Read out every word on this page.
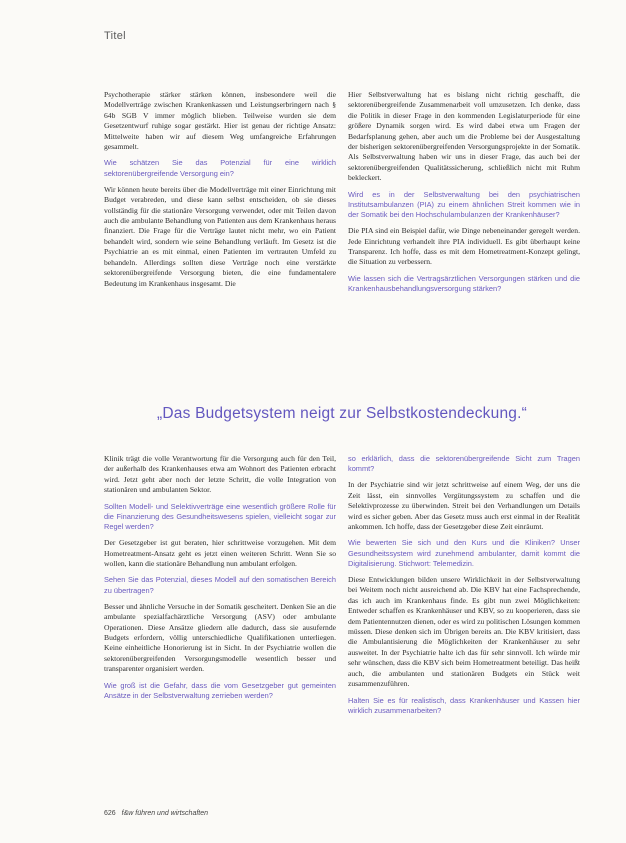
Titel

Psychotherapie stärker stärken können, insbesondere weil die Modellverträge zwischen Krankenkassen und Leistungserbringern nach § 64b SGB V immer möglich blieben. Teilweise wurden sie dem Gesetzentwurf ruhige sogar gestärkt. Hier ist genau der richtige Ansatz: Mittelweite haben wir auf diesem Weg umfangreiche Erfahrungen gesammelt.

Wie schätzen Sie das Potenzial für eine wirklich sektorenübergreifende Versorgung ein?

Wir können heute bereits über die Modellverträge mit einer Einrichtung mit Budget verabreden, und diese kann selbst entscheiden, ob sie dieses vollständig für die stationäre Versorgung verwendet, oder mit Teilen davon auch die ambulante Behandlung von Patienten aus dem Krankenhaus heraus finanziert. Die Frage für die Verträge lautet nicht mehr, wo ein Patient behandelt wird, sondern wie seine Behandlung verläuft. Im Gesetz ist die Psychiatrie an es mit einmal, einen Patienten im vertrauten Umfeld zu behandeln. Allerdings sollten diese Verträge noch eine verstärkte sektorenübergreifende Versorgung bieten, die eine fundamentalere Bedeutung im Krankenhaus insgesamt. Die

Hier Selbstverwaltung hat es bislang nicht richtig geschafft, die sektorenübergreifende Zusammenarbeit voll umzusetzen. Ich denke, dass die Politik in dieser Frage in den kommenden Legislaturperiode für eine größere Dynamik sorgen wird. Es wird dabei etwa um Fragen der Bedarfsplanung gehen, aber auch um die Probleme bei der Ausgestaltung der bisherigen sektorenübergreifenden Versorgungsprojekte in der Somatik. Als Selbstverwaltung haben wir uns in dieser Frage, das auch bei der sektorenübergreifenden Qualitätssicherung, schließlich nicht mit Ruhm bekleckert.

Wird es in der Selbstverwaltung bei den psychiatrischen Institutsambulanzen (PIA) zu einem ähnlichen Streit kommen wie in der Somatik bei den Hochschulambulanzen der Krankenhäuser?

Die PIA sind ein Beispiel dafür, wie Dinge nebeneinander geregelt werden. Jede Einrichtung verhandelt ihre PIA individuell. Es gibt überhaupt keine Transparenz. Ich hoffe, dass es mit dem Hometreatment-Konzept gelingt, die Situation zu verbessern.

Wie lassen sich die Vertragsärztlichen Versorgungen stärken und die Krankenhausbehandlungsversorgung stärken?

„Das Budgetsystem neigt zur Selbstkostendeckung.“

Klinik trägt die volle Verantwortung für die Versorgung auch für den Teil, der außerhalb des Krankenhauses etwa am Wohnort des Patienten erbracht wird. Jetzt geht aber noch der letzte Schritt, die volle Integration von stationären und ambulanten Sektor.

Sollten Modell- und Selektivverträge eine wesentlich größere Rolle für die Finanzierung des Gesundheitswesens spielen, vielleicht sogar zur Regel werden?

Der Gesetzgeber ist gut beraten, hier schrittweise vorzugehen. Mit dem Hometreatment-Ansatz geht es jetzt einen weiteren Schritt. Wenn Sie so wollen, kann die stationäre Behandlung nun ambulant erfolgen.

Sehen Sie das Potenzial, dieses Modell auf den somatischen Bereich zu übertragen?

Besser und ähnliche Versuche in der Somatik gescheitert. Denken Sie an die ambulante spezialfachärztliche Versorgung (ASV) oder ambulante Operationen. Diese Ansätze gliedern alle dadurch, dass sie ausufernde Budgets erfordern, völlig unterschiedliche Qualifikationen unterliegen. Keine einheitliche Honorierung ist in Sicht. In der Psychiatrie wollen die sektorenübergreifenden Versorgungsmodelle wesentlich besser und transparenter organisiert werden.

Wie groß ist die Gefahr, dass die vom Gesetzgeber gut gemeinten Ansätze in der Selbstverwaltung zerrieben werden?

so erklärlich, dass die sektorenübergreifende Sicht zum Tragen kommt?

In der Psychiatrie sind wir jetzt schrittweise auf einem Weg, der uns die Zeit lässt, ein sinnvolles Vergütungssystem zu schaffen und die Selektivprozesse zu überwinden. Streit bei den Verhandlungen um Details wird es sicher geben. Aber das Gesetz muss auch erst einmal in der Realität ankommen. Ich hoffe, dass der Gesetzgeber diese Zeit einräumt.

Wie bewerten Sie sich und den Kurs und die Kliniken? Unser Gesundheitssystem wird zunehmend ambulanter, damit kommt die Digitalisierung. Stichwort: Telemedizin.

Diese Entwicklungen bilden unsere Wirklichkeit in der Selbstverwaltung bei Weitem noch nicht ausreichend ab. Die KBV hat eine Fachsprechende, das ich auch im Krankenhaus finde. Es gibt nun zwei Möglichkeiten: Entweder schaffen es Krankenhäuser und KBV, so zu kooperieren, dass sie dem Patientennutzen dienen, oder es wird zu politischen Lösungen kommen müssen. Diese denken sich im Übrigen bereits an. Die KBV kritisiert, dass die Ambulantisierung die Möglichkeiten der Krankenhäuser zu sehr ausweitet. In der Psychiatrie halte ich das für sehr sinnvoll. Ich würde mir sehr wünschen, dass die KBV sich beim Hometreatment beteiligt. Das heißt auch, die ambulanten und stationären Budgets ein Stück weit zusammenzuführen.

Halten Sie es für realistisch, dass Krankenhäuser und Kassen hier wirklich zusammenarbeiten?

626 f&w führen und wirtschaften
